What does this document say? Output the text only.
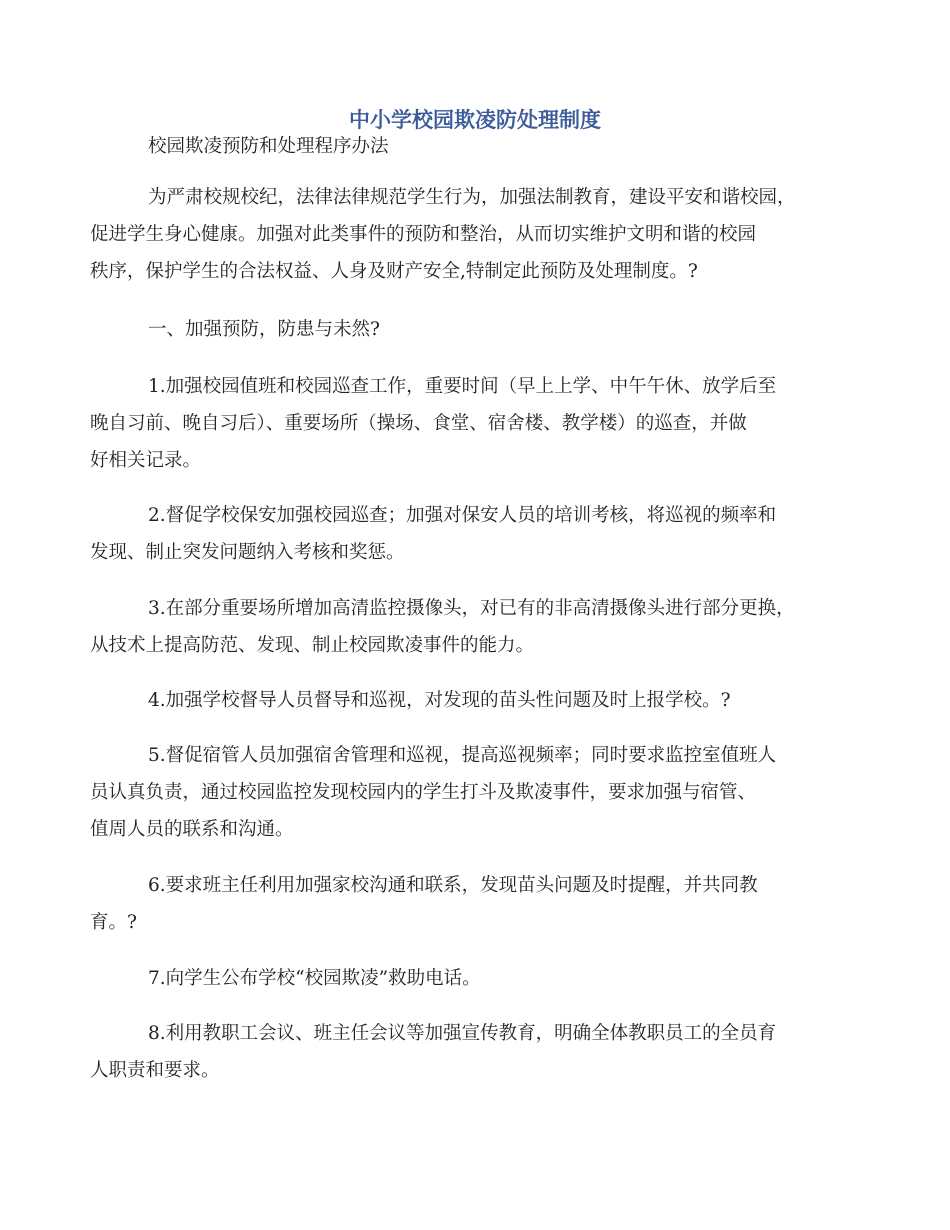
中小学校园欺凌防处理制度
校园欺凌预防和处理程序办法
为严肃校规校纪，法律法律规范学生行为，加强法制教育，建设平安和谐校园，
促进学生身心健康。加强对此类事件的预防和整治，从而切实维护文明和谐的校园
秩序，保护学生的合法权益、人身及财产安全,特制定此预防及处理制度。?
一、加强预防，防患与未然?
1.加强校园值班和校园巡查工作，重要时间（早上上学、中午午休、放学后至
晚自习前、晚自习后）、重要场所（操场、食堂、宿舍楼、教学楼）的巡查，并做
好相关记录。
2.督促学校保安加强校园巡查；加强对保安人员的培训考核，将巡视的频率和
发现、制止突发问题纳入考核和奖惩。
3.在部分重要场所增加高清监控摄像头，对已有的非高清摄像头进行部分更换，
从技术上提高防范、发现、制止校园欺凌事件的能力。
4.加强学校督导人员督导和巡视，对发现的苗头性问题及时上报学校。?
5.督促宿管人员加强宿舍管理和巡视，提高巡视频率；同时要求监控室值班人
员认真负责，通过校园监控发现校园内的学生打斗及欺凌事件，要求加强与宿管、
值周人员的联系和沟通。
6.要求班主任利用加强家校沟通和联系，发现苗头问题及时提醒，并共同教
育。?
7.向学生公布学校“校园欺凌”救助电话。
8.利用教职工会议、班主任会议等加强宣传教育，明确全体教职员工的全员育
人职责和要求。
